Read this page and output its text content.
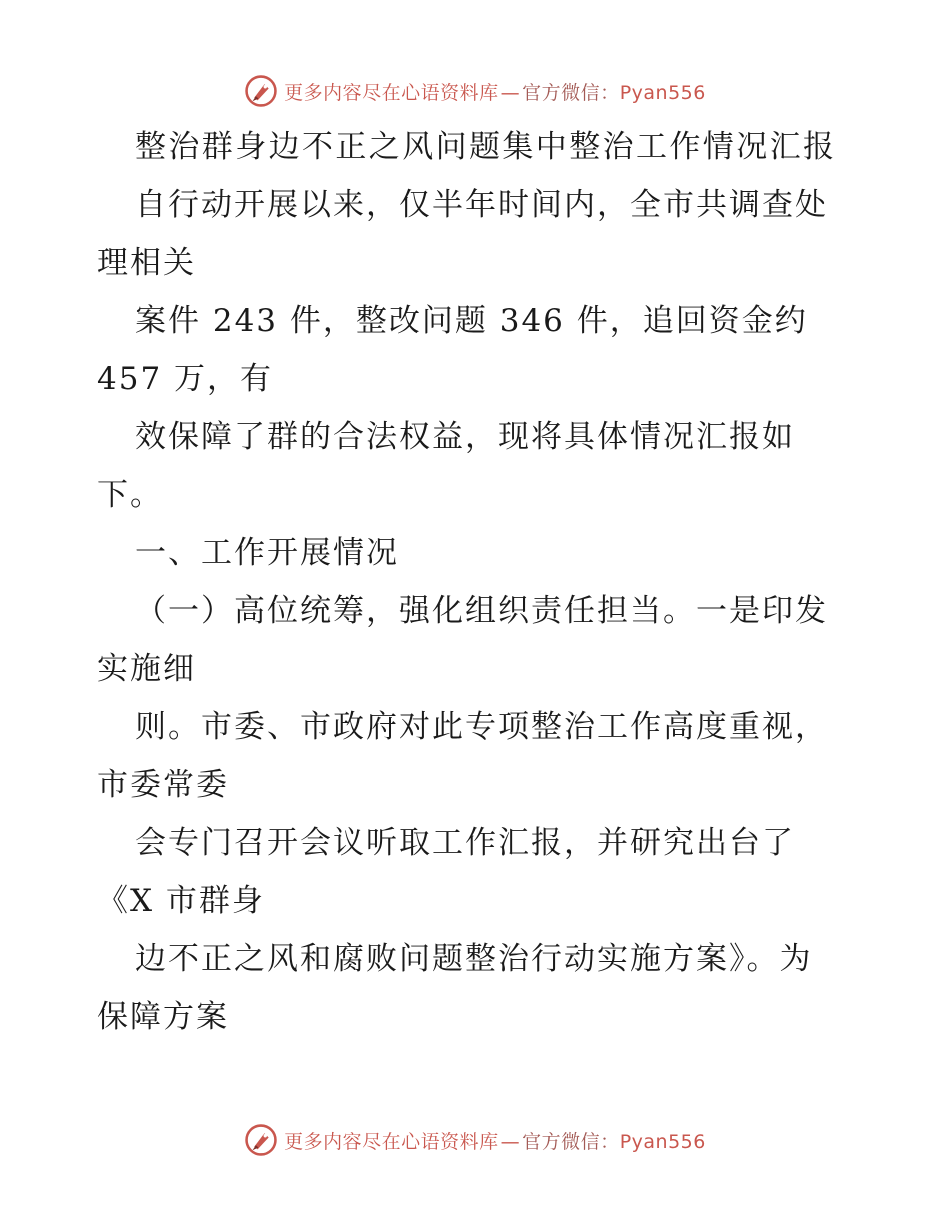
更多内容尽在心语资料库 — 官方微信：Pyan556
整治群身边不正之风问题集中整治工作情况汇报
自行动开展以来，仅半年时间内，全市共调查处
理相关
案件 243 件，整改问题 346 件，追回资金约
457 万，有
效保障了群的合法权益，现将具体情况汇报如
下。
一、工作开展情况
（一）高位统筹，强化组织责任担当。一是印发
实施细
则。市委、市政府对此专项整治工作高度重视，
市委常委
会专门召开会议听取工作汇报，并研究出台了
《X 市群身
边不正之风和腐败问题整治行动实施方案》。为
保障方案
更多内容尽在心语资料库 — 官方微信：Pyan556
